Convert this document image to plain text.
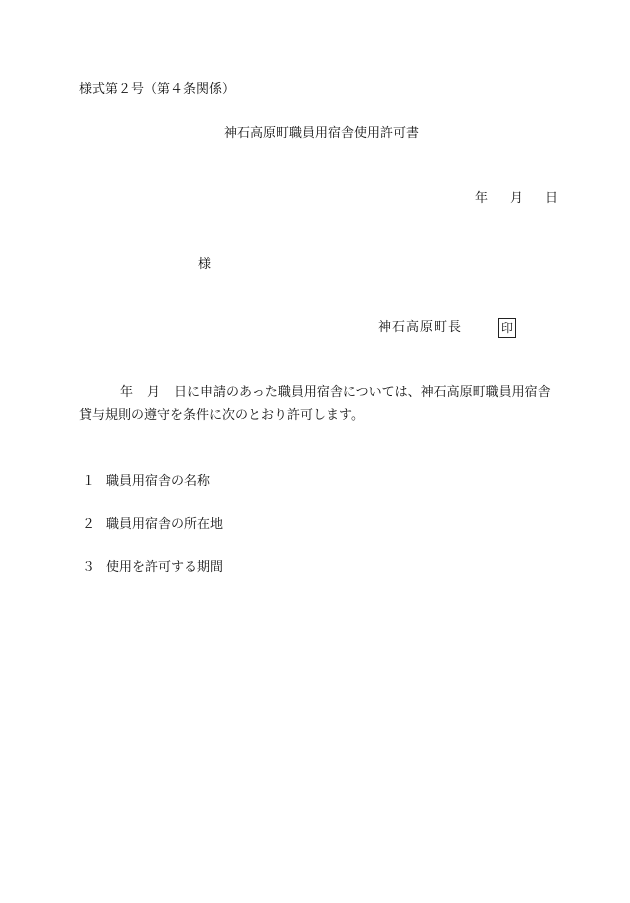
様式第２号（第４条関係）
神石高原町職員用宿舎使用許可書
年 月 日
様
神石高原町長	印
年 月 日に申請のあった職員用宿舎については、神石高原町職員用宿舎
貸与規則の遵守を条件に次のとおり許可します。
１ 職員用宿舎の名称
２ 職員用宿舎の所在地
３ 使用を許可する期間
